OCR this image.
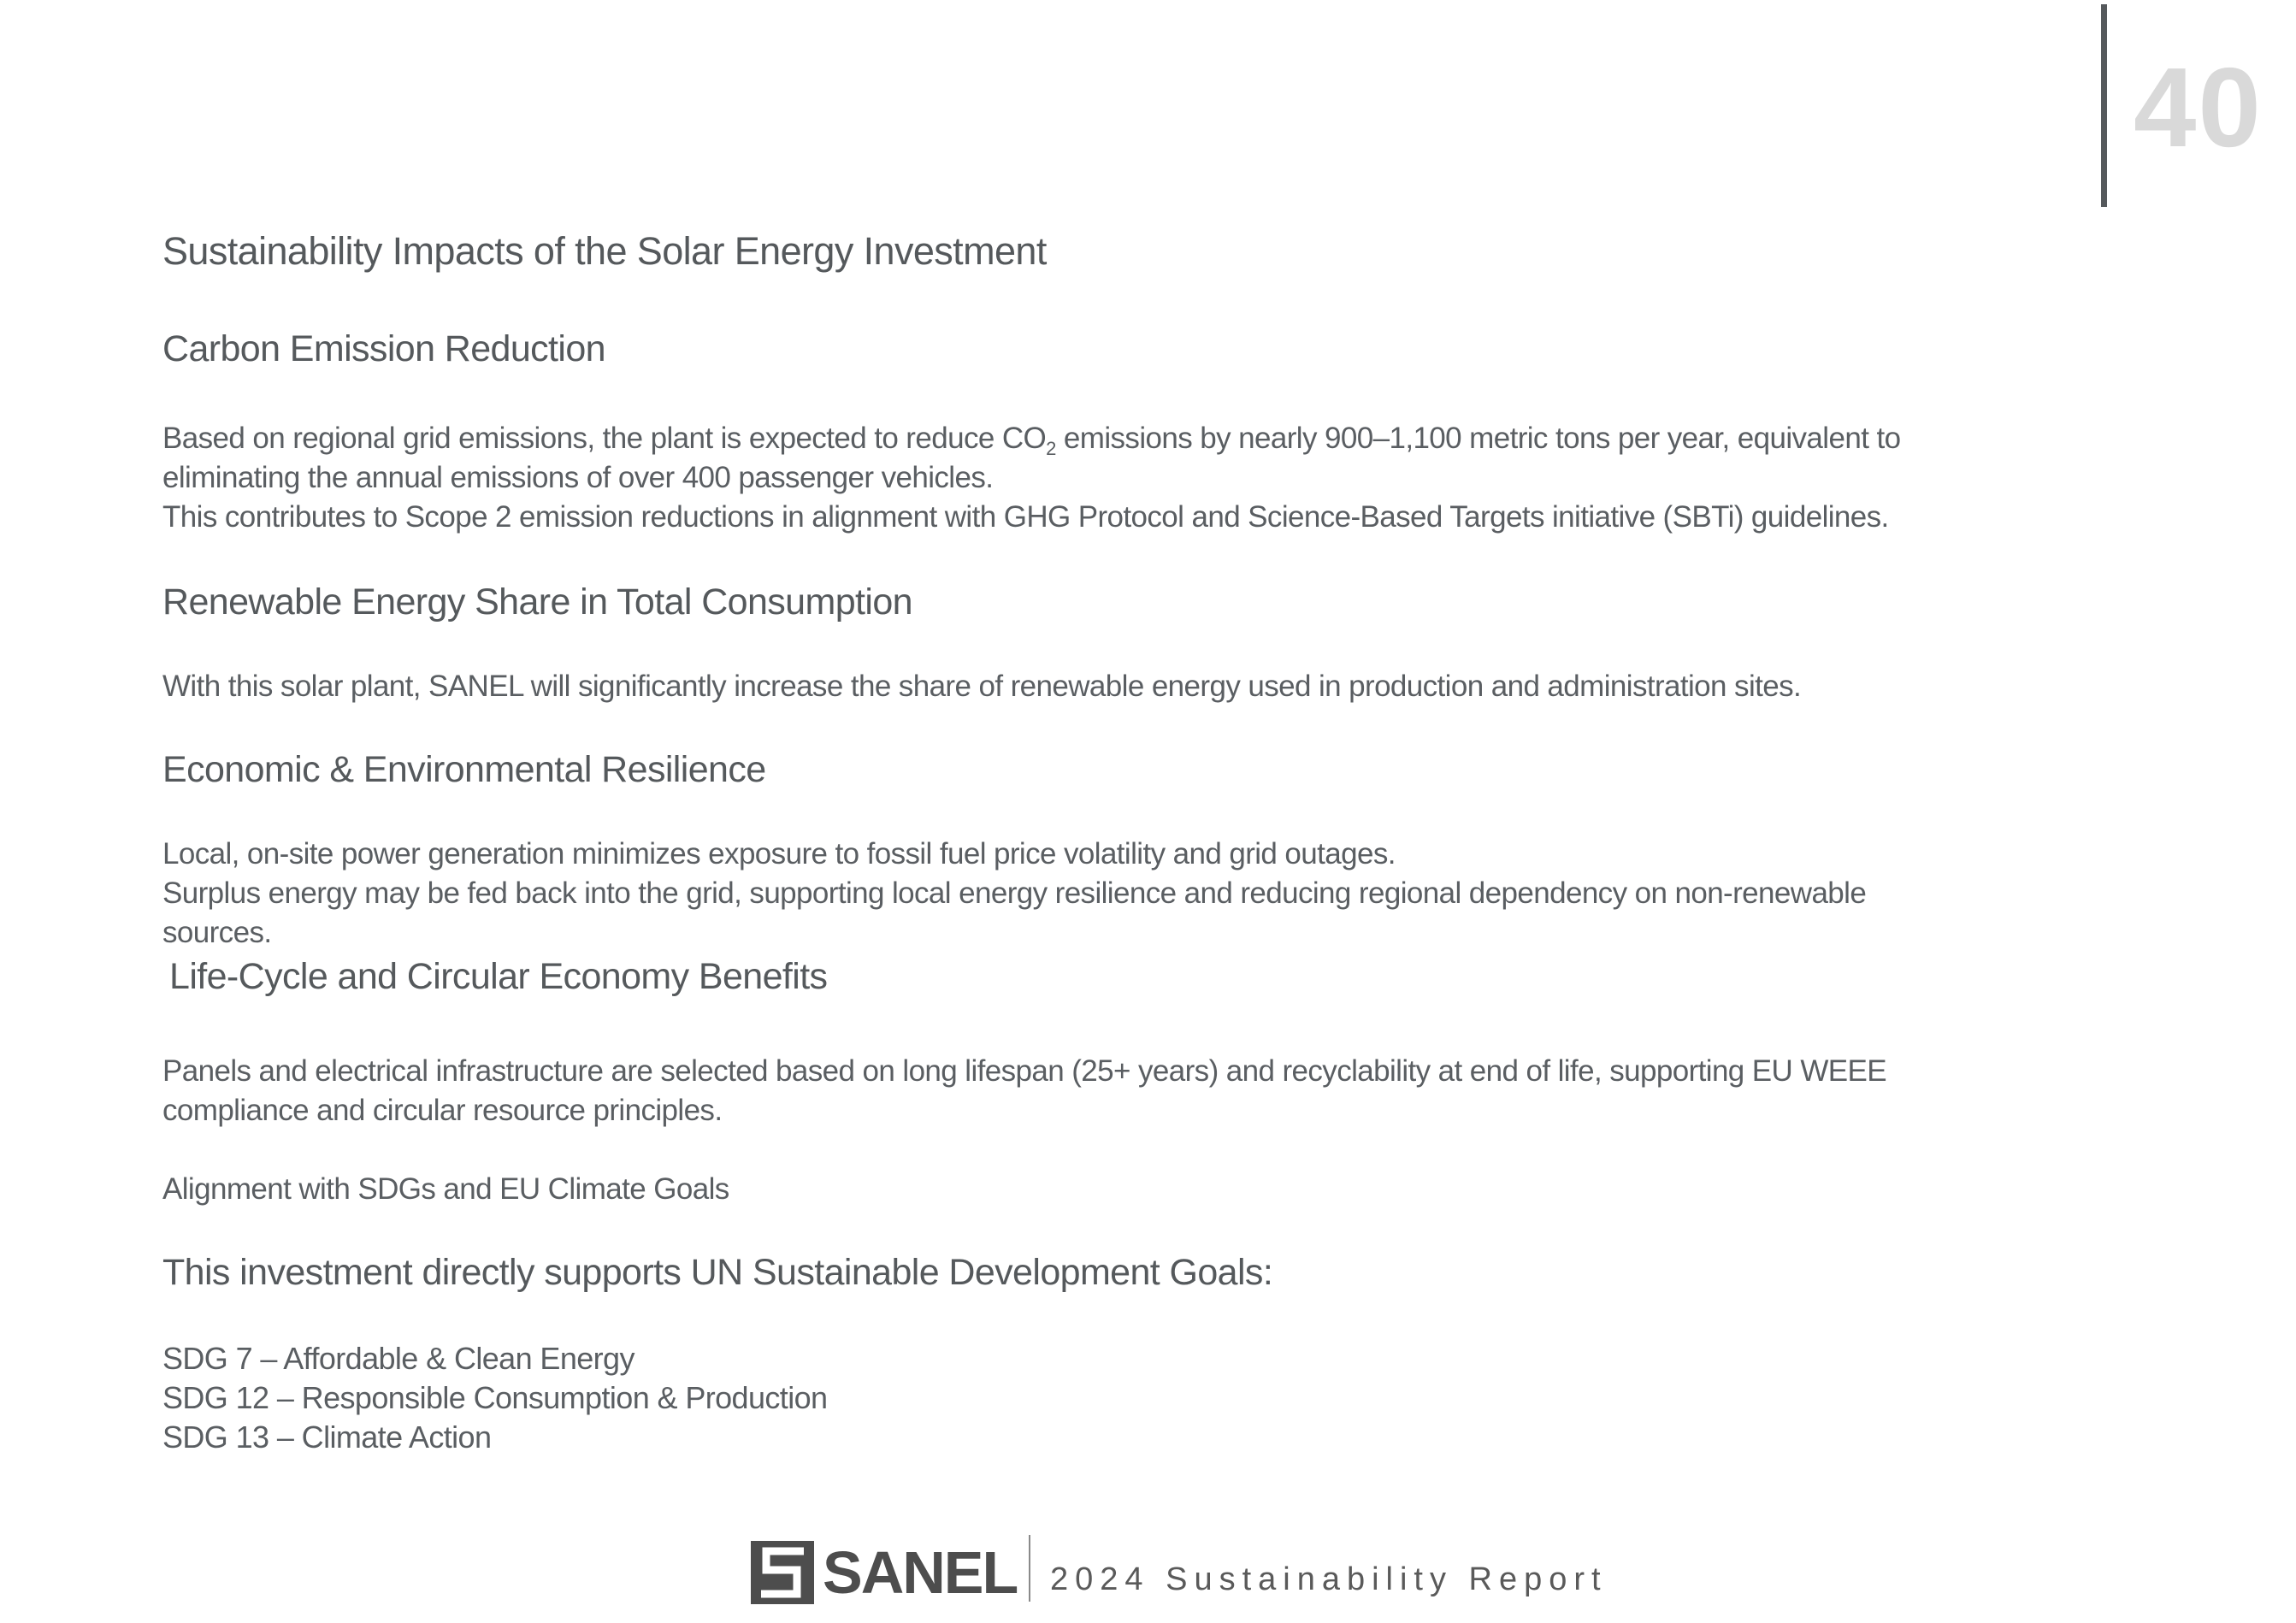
40
Sustainability Impacts of the Solar Energy Investment
Carbon Emission Reduction
Based on regional grid emissions, the plant is expected to reduce $CO_2$ emissions by nearly 900–1,100 metric tons per year, equivalent to
eliminating the annual emissions of over 400 passenger vehicles.
This contributes to Scope 2 emission reductions in alignment with GHG Protocol and Science-Based Targets initiative (SBTi) guidelines.
Renewable Energy Share in Total Consumption
With this solar plant, SANEL will significantly increase the share of renewable energy used in production and administration sites.
Economic & Environmental Resilience
Local, on-site power generation minimizes exposure to fossil fuel price volatility and grid outages.
Surplus energy may be fed back into the grid, supporting local energy resilience and reducing regional dependency on non-renewable
sources.
Life-Cycle and Circular Economy Benefits
Panels and electrical infrastructure are selected based on long lifespan (25+ years) and recyclability at end of life, supporting EU WEEE
compliance and circular resource principles.
Alignment with SDGs and EU Climate Goals
This investment directly supports UN Sustainable Development Goals:
SDG 7 – Affordable & Clean Energy
SDG 12 – Responsible Consumption & Production
SDG 13 – Climate Action
SANEL 2024 Sustainability Report
